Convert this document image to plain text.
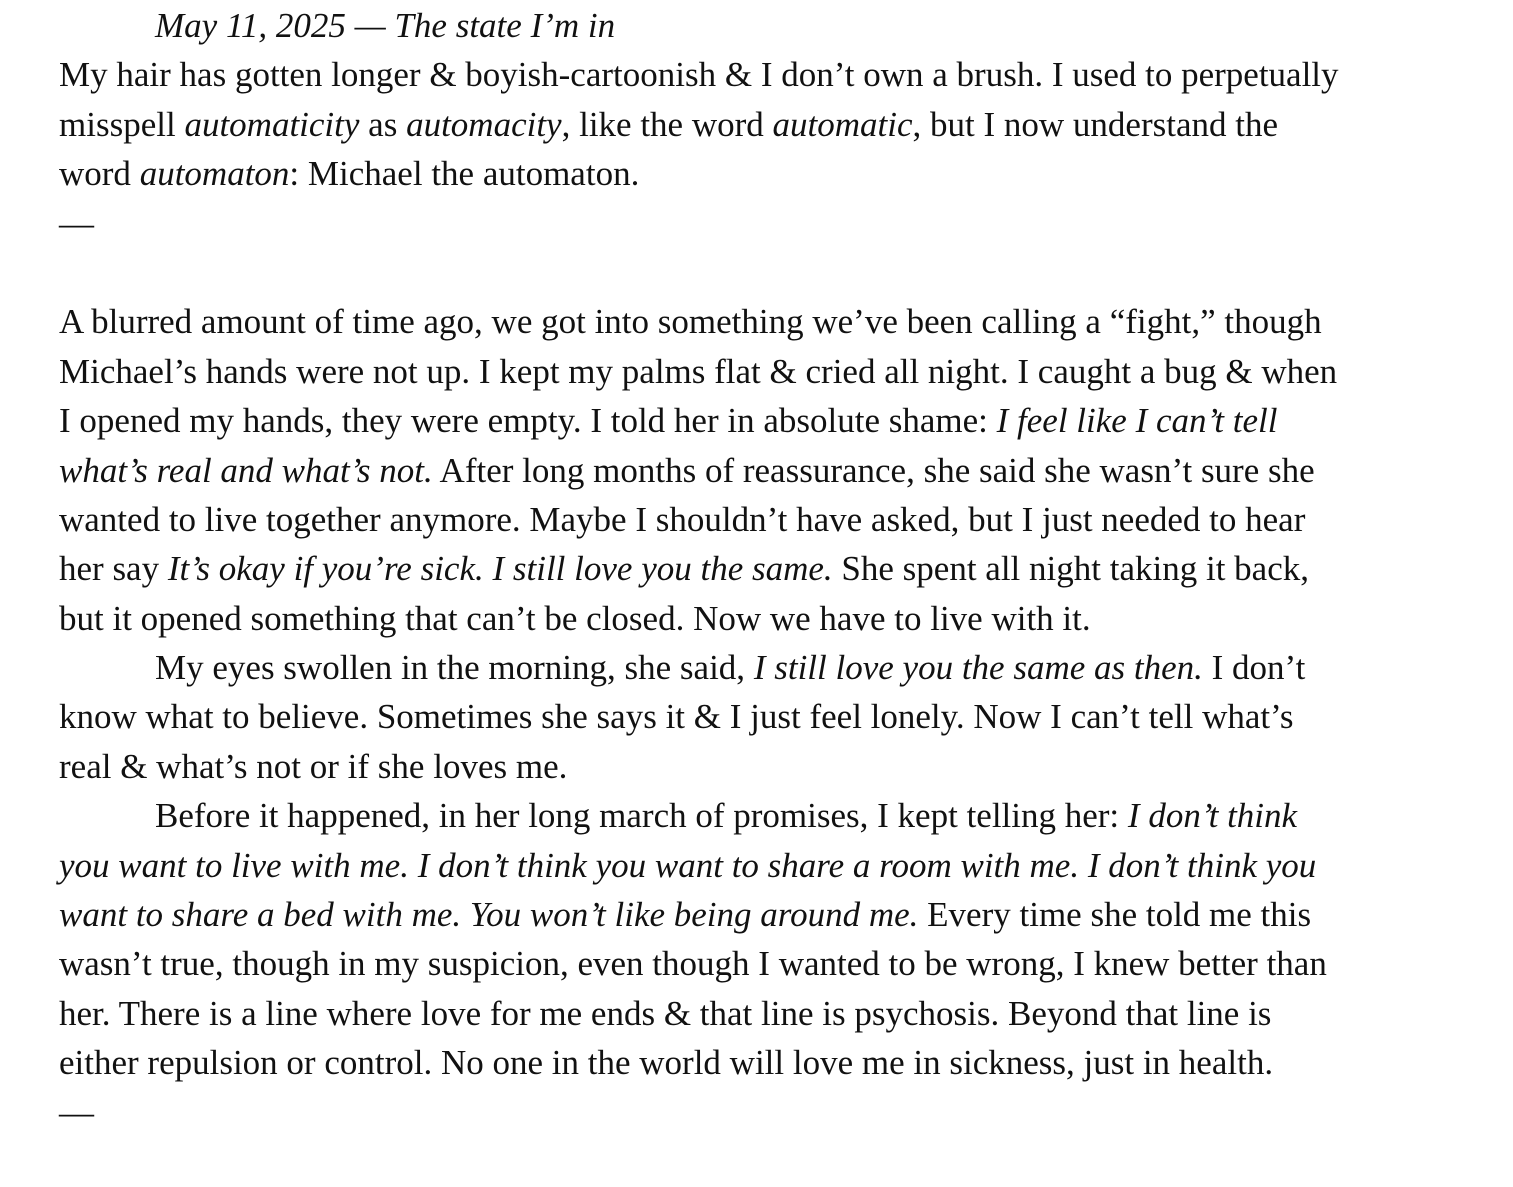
May 11, 2025 — The state I’m in
My hair has gotten longer & boyish-cartoonish & I don’t own a brush. I used to perpetually
misspell automaticity as automacity, like the word automatic, but I now understand the
word automaton: Michael the automaton.
—
A blurred amount of time ago, we got into something we’ve been calling a “fight,” though
Michael’s hands were not up. I kept my palms flat & cried all night. I caught a bug & when
I opened my hands, they were empty. I told her in absolute shame: I feel like I can’t tell
what’s real and what’s not. After long months of reassurance, she said she wasn’t sure she
wanted to live together anymore. Maybe I shouldn’t have asked, but I just needed to hear
her say It’s okay if you’re sick. I still love you the same. She spent all night taking it back,
but it opened something that can’t be closed. Now we have to live with it.
My eyes swollen in the morning, she said, I still love you the same as then. I don’t
know what to believe. Sometimes she says it & I just feel lonely. Now I can’t tell what’s
real & what’s not or if she loves me.
Before it happened, in her long march of promises, I kept telling her: I don’t think
you want to live with me. I don’t think you want to share a room with me. I don’t think you
want to share a bed with me. You won’t like being around me. Every time she told me this
wasn’t true, though in my suspicion, even though I wanted to be wrong, I knew better than
her. There is a line where love for me ends & that line is psychosis. Beyond that line is
either repulsion or control. No one in the world will love me in sickness, just in health.
—
